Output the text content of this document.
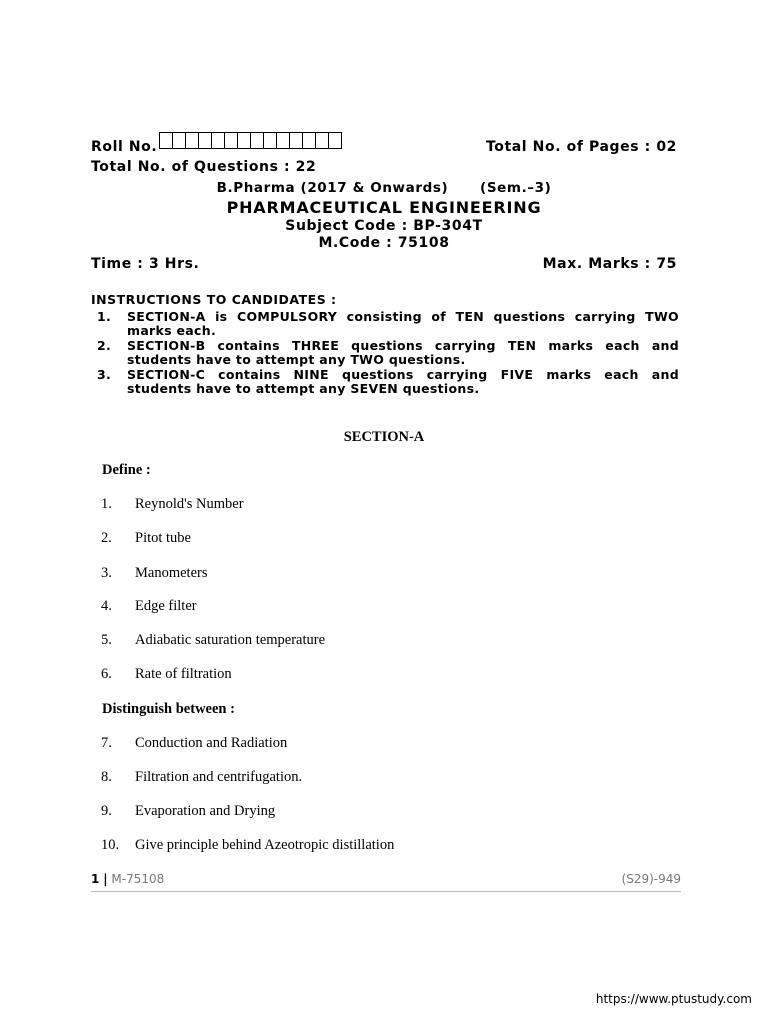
Roll No.	Total No. of Pages : 02
Total No. of Questions : 22
B.Pharma (2017 & Onwards)      (Sem.–3)
PHARMACEUTICAL ENGINEERING
Subject Code : BP-304T
M.Code : 75108
Time : 3 Hrs.	Max. Marks : 75
INSTRUCTIONS TO CANDIDATES :
1. SECTION-A is COMPULSORY consisting of TEN questions carrying TWO marks each.
2. SECTION-B contains THREE questions carrying TEN marks each and students have to attempt any TWO questions.
3. SECTION-C contains NINE questions carrying FIVE marks each and students have to attempt any SEVEN questions.
SECTION-A
Define :
1. Reynold's Number
2. Pitot tube
3. Manometers
4. Edge filter
5. Adiabatic saturation temperature
6. Rate of filtration
Distinguish between :
7. Conduction and Radiation
8. Filtration and centrifugation.
9. Evaporation and Drying
10. Give principle behind Azeotropic distillation
1 | M-75108	(S29)-949
https://www.ptustudy.com
